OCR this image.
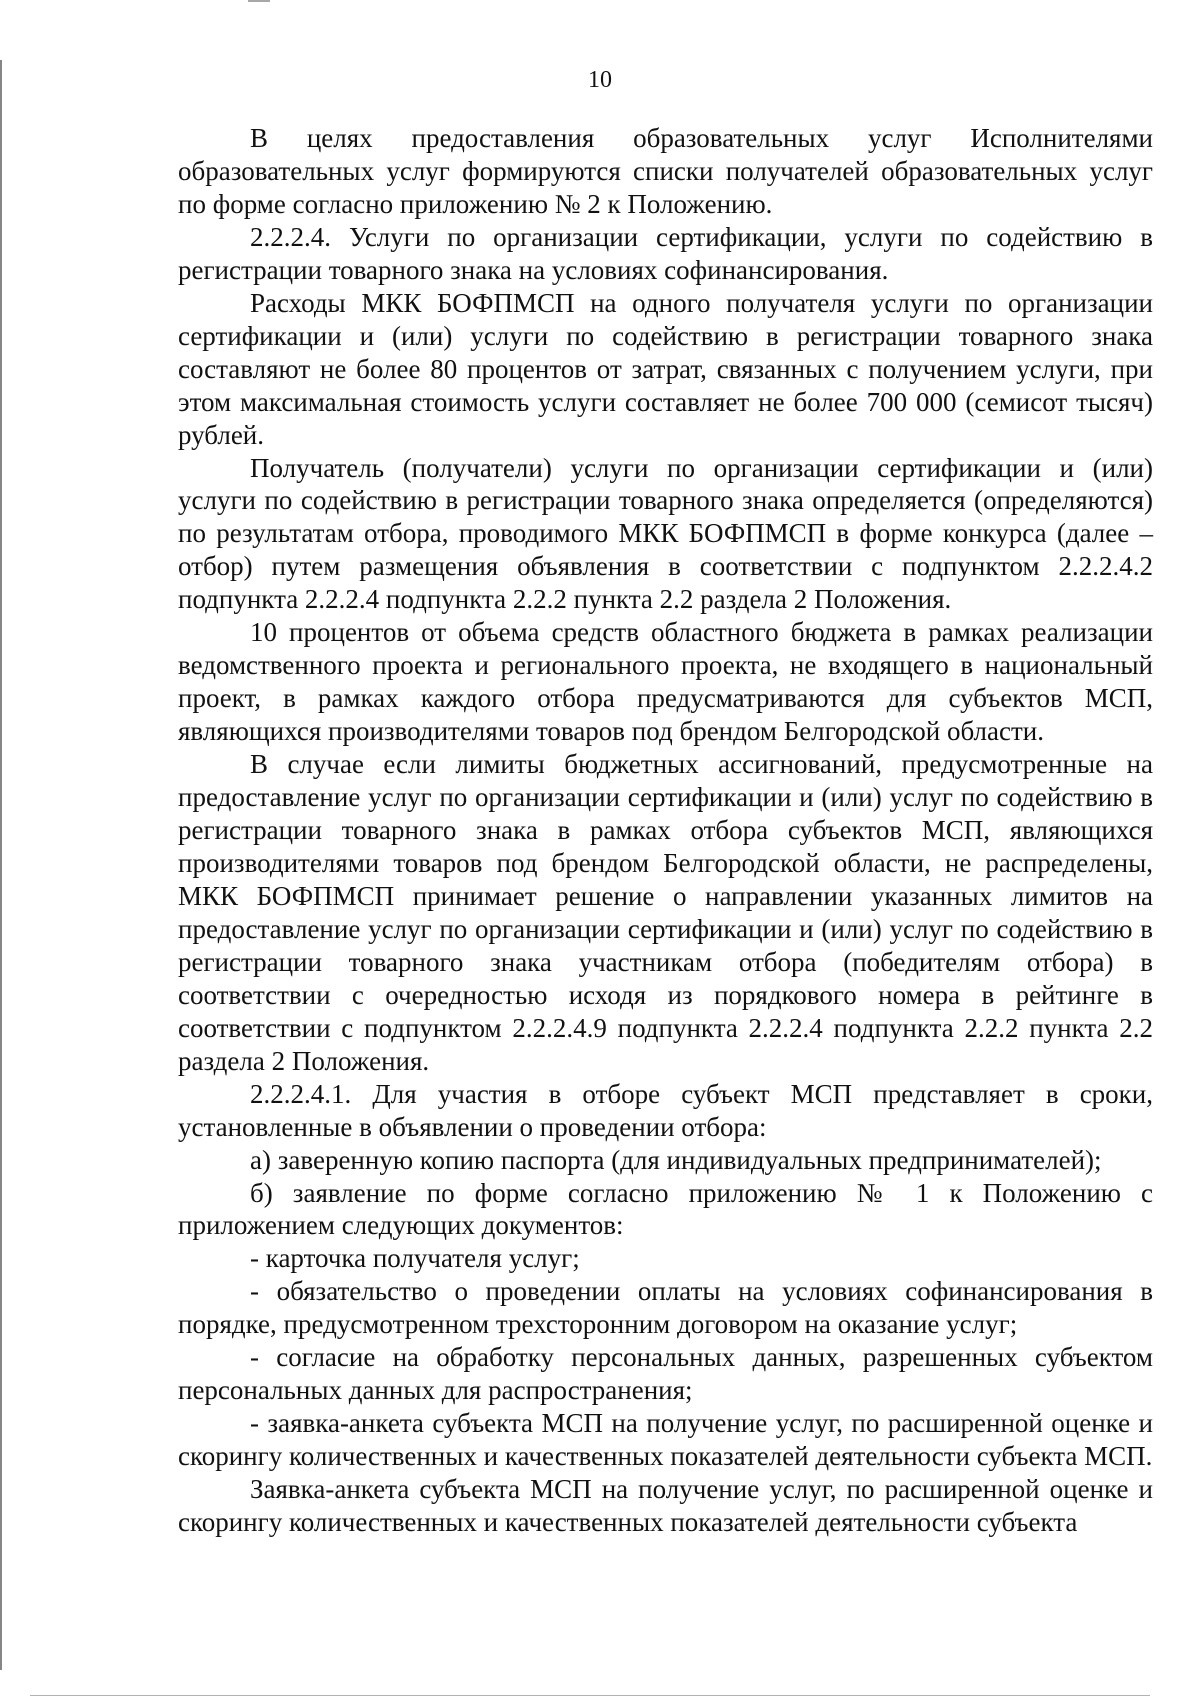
10

В целях предоставления образовательных услуг Исполнителями образовательных услуг формируются списки получателей образовательных услуг по форме согласно приложению № 2 к Положению.

2.2.2.4. Услуги по организации сертификации, услуги по содействию в регистрации товарного знака на условиях софинансирования.

Расходы МКК БОФПМСП на одного получателя услуги по организации сертификации и (или) услуги по содействию в регистрации товарного знака составляют не более 80 процентов от затрат, связанных с получением услуги, при этом максимальная стоимость услуги составляет не более 700 000 (семисот тысяч) рублей.

Получатель (получатели) услуги по организации сертификации и (или) услуги по содействию в регистрации товарного знака определяется (определяются) по результатам отбора, проводимого МКК БОФПМСП в форме конкурса (далее – отбор) путем размещения объявления в соответствии с подпунктом 2.2.2.4.2 подпункта 2.2.2.4 подпункта 2.2.2 пункта 2.2 раздела 2 Положения.

10 процентов от объема средств областного бюджета в рамках реализации ведомственного проекта и регионального проекта, не входящего в национальный проект, в рамках каждого отбора предусматриваются для субъектов МСП, являющихся производителями товаров под брендом Белгородской области.

В случае если лимиты бюджетных ассигнований, предусмотренные на предоставление услуг по организации сертификации и (или) услуг по содействию в регистрации товарного знака в рамках отбора субъектов МСП, являющихся производителями товаров под брендом Белгородской области, не распределены, МКК БОФПМСП принимает решение о направлении указанных лимитов на предоставление услуг по организации сертификации и (или) услуг по содействию в регистрации товарного знака участникам отбора (победителям отбора) в соответствии с очередностью исходя из порядкового номера в рейтинге в соответствии с подпунктом 2.2.2.4.9 подпункта 2.2.2.4 подпункта 2.2.2 пункта 2.2 раздела 2 Положения.

2.2.2.4.1. Для участия в отборе субъект МСП представляет в сроки, установленные в объявлении о проведении отбора:

а) заверенную копию паспорта (для индивидуальных предпринимателей);

б) заявление по форме согласно приложению № 1 к Положению с приложением следующих документов:

- карточка получателя услуг;

- обязательство о проведении оплаты на условиях софинансирования в порядке, предусмотренном трехсторонним договором на оказание услуг;

- согласие на обработку персональных данных, разрешенных субъектом персональных данных для распространения;

- заявка-анкета субъекта МСП на получение услуг, по расширенной оценке и скорингу количественных и качественных показателей деятельности субъекта МСП.

Заявка-анкета субъекта МСП на получение услуг, по расширенной оценке и скорингу количественных и качественных показателей деятельности субъекта
